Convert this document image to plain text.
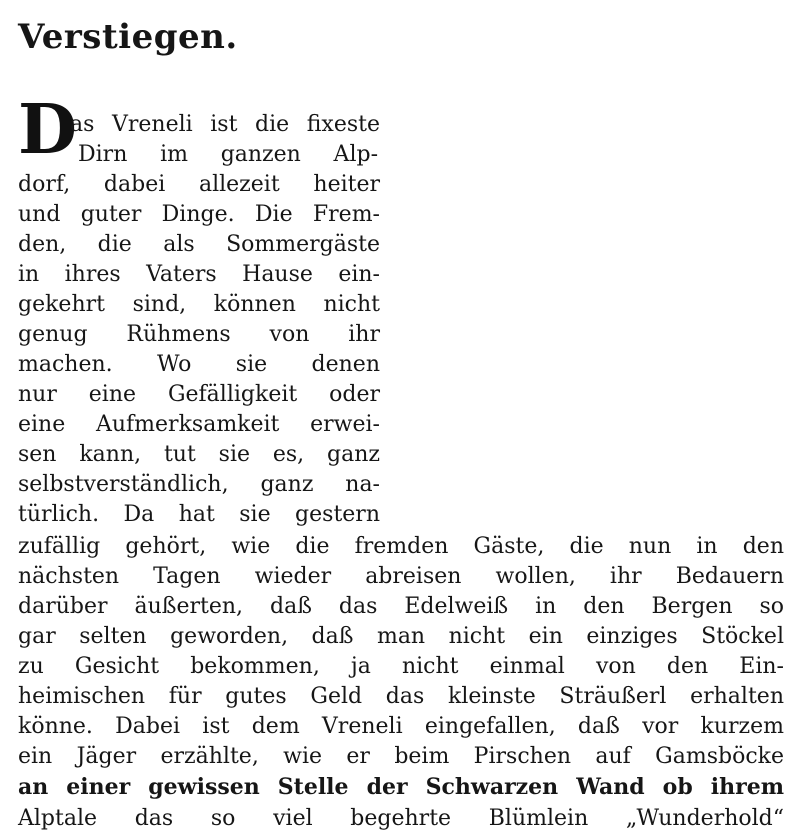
Verstiegen.
D
as Vreneli ist die fixeste
Dirn im ganzen Alp-
dorf, dabei allezeit heiter
und guter Dinge. Die Frem-
den, die als Sommergäste
in ihres Vaters Hause ein-
gekehrt sind, können nicht
genug Rühmens von ihr
machen. Wo sie denen
nur eine Gefälligkeit oder
eine Aufmerksamkeit erwei-
sen kann, tut sie es, ganz
selbstverständlich, ganz na-
türlich. Da hat sie gestern
zufällig gehört, wie die fremden Gäste, die nun in den
nächsten Tagen wieder abreisen wollen, ihr Bedauern
darüber äußerten, daß das Edelweiß in den Bergen so
gar selten geworden, daß man nicht ein einziges Stöckel
zu Gesicht bekommen, ja nicht einmal von den Ein-
heimischen für gutes Geld das kleinste Sträußerl erhalten
könne. Dabei ist dem Vreneli eingefallen, daß vor kurzem
ein Jäger erzählte, wie er beim Pirschen auf Gamsböcke
an einer gewissen Stelle der Schwarzen Wand ob ihrem
Alptale das so viel begehrte Blümlein „Wunderhold“
